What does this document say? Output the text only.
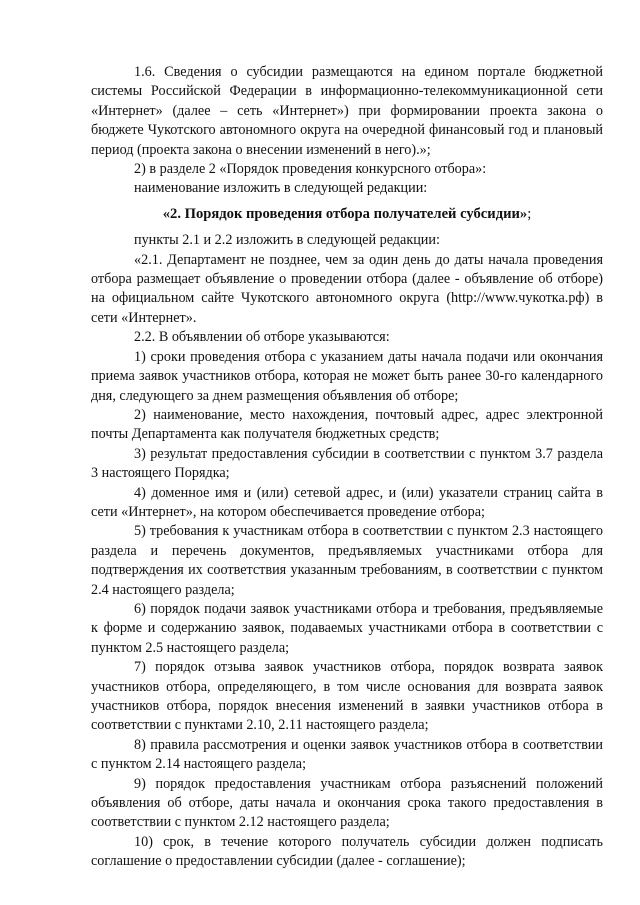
1.6. Сведения о субсидии размещаются на едином портале бюджетной системы Российской Федерации в информационно-телекоммуникационной сети «Интернет» (далее – сеть «Интернет») при формировании проекта закона о бюджете Чукотского автономного округа на очередной финансовый год и плановый период (проекта закона о внесении изменений в него).»;

2) в разделе 2 «Порядок проведения конкурсного отбора»:

наименование изложить в следующей редакции:

«2. Порядок проведения отбора получателей субсидии»;

пункты 2.1 и 2.2 изложить в следующей редакции:

«2.1. Департамент не позднее, чем за один день до даты начала проведения отбора размещает объявление о проведении отбора (далее - объявление об отборе) на официальном сайте Чукотского автономного округа (http://www.чукотка.рф) в сети «Интернет».

2.2. В объявлении об отборе указываются:

1) сроки проведения отбора с указанием даты начала подачи или окончания приема заявок участников отбора, которая не может быть ранее 30-го календарного дня, следующего за днем размещения объявления об отборе;

2) наименование, место нахождения, почтовый адрес, адрес электронной почты Департамента как получателя бюджетных средств;

3) результат предоставления субсидии в соответствии с пунктом 3.7 раздела 3 настоящего Порядка;

4) доменное имя и (или) сетевой адрес, и (или) указатели страниц сайта в сети «Интернет», на котором обеспечивается проведение отбора;

5) требования к участникам отбора в соответствии с пунктом 2.3 настоящего раздела и перечень документов, предъявляемых участниками отбора для подтверждения их соответствия указанным требованиям, в соответствии с пунктом 2.4 настоящего раздела;

6) порядок подачи заявок участниками отбора и требования, предъявляемые к форме и содержанию заявок, подаваемых участниками отбора в соответствии с пунктом 2.5 настоящего раздела;

7) порядок отзыва заявок участников отбора, порядок возврата заявок участников отбора, определяющего, в том числе основания для возврата заявок участников отбора, порядок внесения изменений в заявки участников отбора в соответствии с пунктами 2.10, 2.11 настоящего раздела;

8) правила рассмотрения и оценки заявок участников отбора в соответствии с пунктом 2.14 настоящего раздела;

9) порядок предоставления участникам отбора разъяснений положений объявления об отборе, даты начала и окончания срока такого предоставления в соответствии с пунктом 2.12 настоящего раздела;

10) срок, в течение которого получатель субсидии должен подписать соглашение о предоставлении субсидии (далее - соглашение);
